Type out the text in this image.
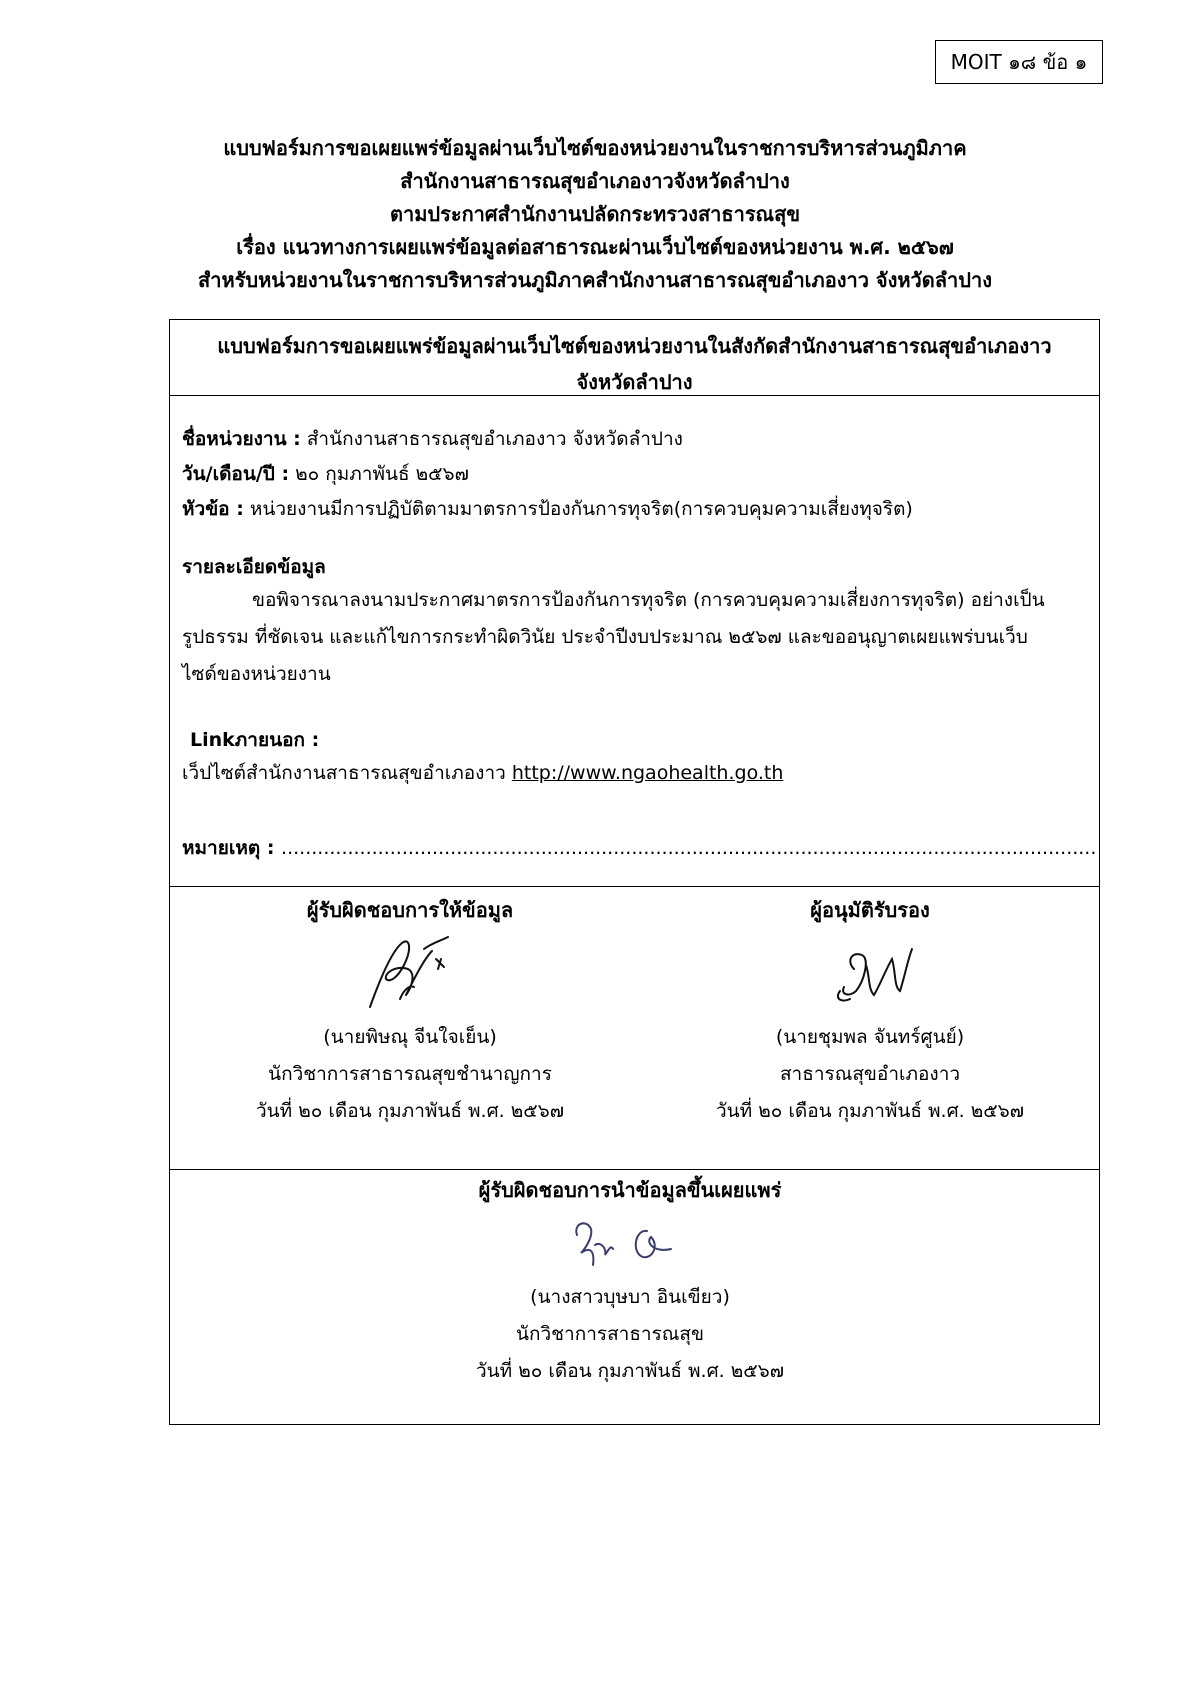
MOIT ๑๘ ข้อ ๑
แบบฟอร์มการขอเผยแพร่ข้อมูลผ่านเว็บไซต์ของหน่วยงานในราชการบริหารส่วนภูมิภาค
สำนักงานสาธารณสุขอำเภองาวจังหวัดลำปาง
ตามประกาศสำนักงานปลัดกระทรวงสาธารณสุข
เรื่อง แนวทางการเผยแพร่ข้อมูลต่อสาธารณะผ่านเว็บไซต์ของหน่วยงาน พ.ศ. ๒๕๖๗
สำหรับหน่วยงานในราชการบริหารส่วนภูมิภาคสำนักงานสาธารณสุขอำเภองาว จังหวัดลำปาง
แบบฟอร์มการขอเผยแพร่ข้อมูลผ่านเว็บไซต์ของหน่วยงานในสังกัดสำนักงานสาธารณสุขอำเภองาว
จังหวัดลำปาง
ชื่อหน่วยงาน : สำนักงานสาธารณสุขอำเภองาว จังหวัดลำปาง
วัน/เดือน/ปี : ๒๐ กุมภาพันธ์ ๒๕๖๗
หัวข้อ : หน่วยงานมีการปฏิบัติตามมาตรการป้องกันการทุจริต(การควบคุมความเสี่ยงทุจริต)
รายละเอียดข้อมูล
ขอพิจารณาลงนามประกาศมาตรการป้องกันการทุจริต (การควบคุมความเสี่ยงการทุจริต) อย่างเป็น
รูปธรรม ที่ชัดเจน และแก้ไขการกระทำผิดวินัย ประจำปีงบประมาณ ๒๕๖๗ และขออนุญาตเผยแพร่บนเว็บ
ไซด์ของหน่วยงาน
Linkภายนอก :
เว็ปไซต์สำนักงานสาธารณสุขอำเภองาว http://www.ngaohealth.go.th
หมายเหตุ : .......................................................................................................................................
ผู้รับผิดชอบการให้ข้อมูล
(นายพิษณุ จีนใจเย็น)
นักวิชาการสาธารณสุขชำนาญการ
วันที่ ๒๐ เดือน กุมภาพันธ์ พ.ศ. ๒๕๖๗
ผู้อนุมัติรับรอง
(นายชุมพล จันทร์ศูนย์)
สาธารณสุขอำเภองาว
วันที่ ๒๐ เดือน กุมภาพันธ์ พ.ศ. ๒๕๖๗
ผู้รับผิดชอบการนำข้อมูลขึ้นเผยแพร่
(นางสาวบุษบา อินเขียว)
นักวิชาการสาธารณสุข
วันที่ ๒๐ เดือน กุมภาพันธ์ พ.ศ. ๒๕๖๗
